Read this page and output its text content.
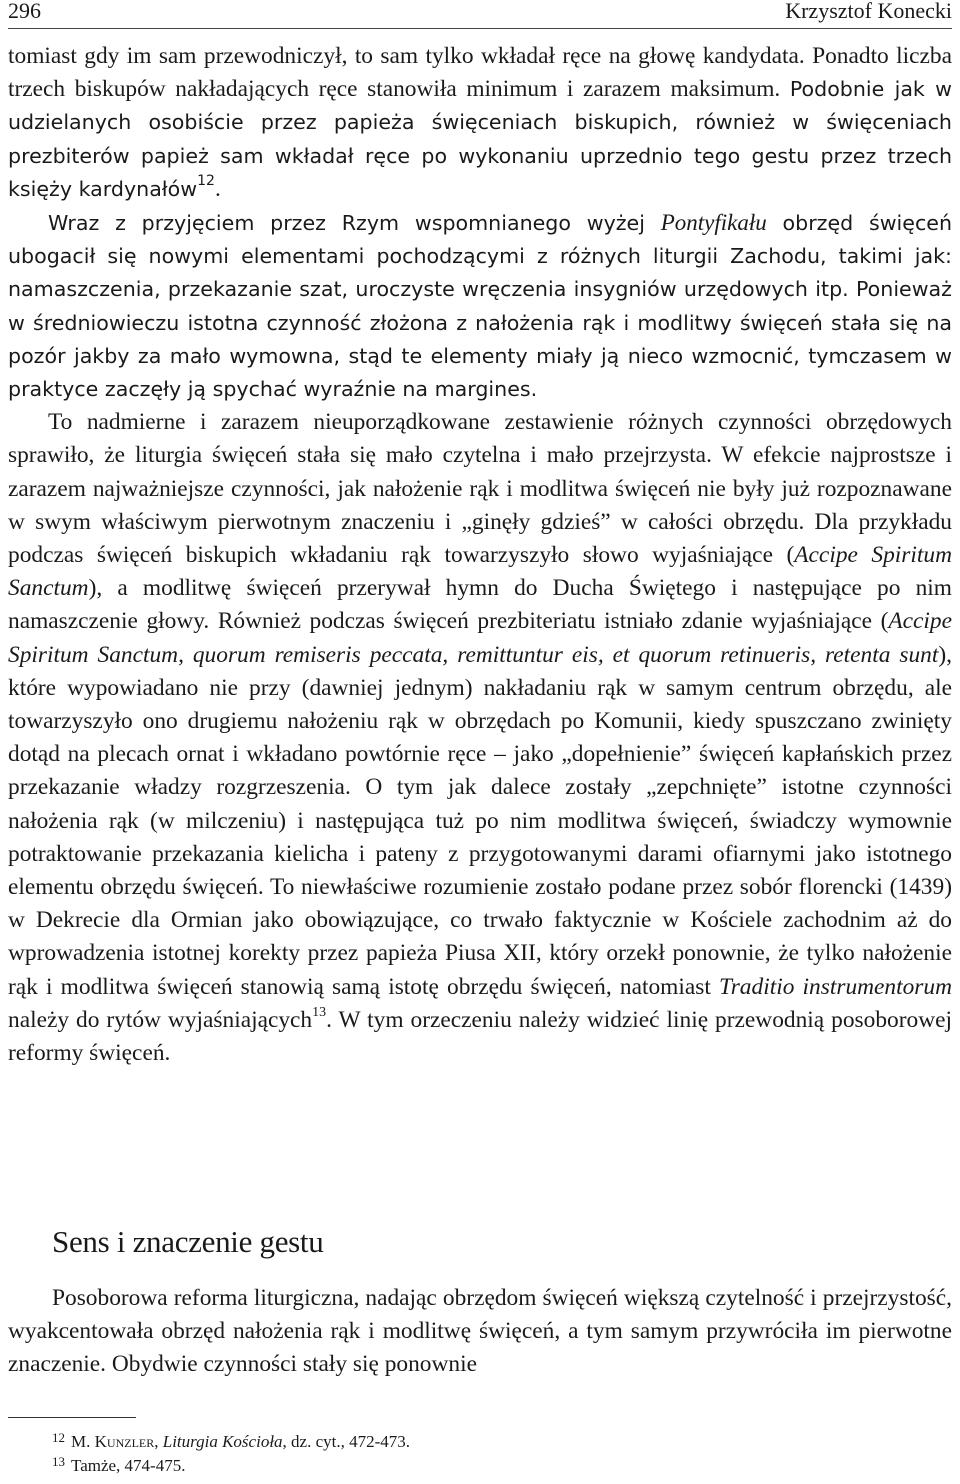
296	Krzysztof Konecki

tomiast gdy im sam przewodniczył, to sam tylko wkładał ręce na głowę kandydata. Ponadto liczba trzech biskupów nakładających ręce stanowiła minimum i zarazem maksimum. Podobnie jak w udzielanych osobiście przez papieża święceniach biskupich, również w święceniach prezbiterów papież sam wkładał ręce po wykonaniu uprzednio tego gestu przez trzech księży kardynałów$^{12}$.

Wraz z przyjęciem przez Rzym wspomnianego wyżej Pontyfikału obrzęd święceń ubogacił się nowymi elementami pochodzącymi z różnych liturgii Zachodu, takimi jak: namaszczenia, przekazanie szat, uroczyste wręczenia insygniów urzędowych itp. Ponieważ w średniowieczu istotna czynność złożona z nałożenia rąk i modlitwy święceń stała się na pozór jakby za mało wymowna, stąd te elementy miały ją nieco wzmocnić, tymczasem w praktyce zaczęły ją spychać wyraźnie na margines.

To nadmierne i zarazem nieuporządkowane zestawienie różnych czynności obrzędowych sprawiło, że liturgia święceń stała się mało czytelna i mało przejrzysta. W efekcie najprostsze i zarazem najważniejsze czynności, jak nałożenie rąk i modlitwa święceń nie były już rozpoznawane w swym właściwym pierwotnym znaczeniu i „ginęły gdzieś” w całości obrzędu. Dla przykładu podczas święceń biskupich wkładaniu rąk towarzyszyło słowo wyjaśniające (Accipe Spiritum Sanctum), a modlitwę święceń przerywał hymn do Ducha Świętego i następujące po nim namaszczenie głowy. Również podczas święceń prezbiteriatu istniało zdanie wyjaśniające (Accipe Spiritum Sanctum, quorum remiseris peccata, remittuntur eis, et quorum retinueris, retenta sunt), które wypowiadano nie przy (dawniej jednym) nakładaniu rąk w samym centrum obrzędu, ale towarzyszyło ono drugiemu nałożeniu rąk w obrzędach po Komunii, kiedy spuszczano zwinięty dotąd na plecach ornat i wkładano powtórnie ręce – jako „dopełnienie” święceń kapłańskich przez przekazanie władzy rozgrzeszenia. O tym jak dalece zostały „zepchnięte” istotne czynności nałożenia rąk (w milczeniu) i następująca tuż po nim modlitwa święceń, świadczy wymownie potraktowanie przekazania kielicha i pateny z przygotowanymi darami ofiarnymi jako istotnego elementu obrzędu święceń. To niewłaściwe rozumienie zostało podane przez sobór florencki (1439) w Dekrecie dla Ormian jako obowiązujące, co trwało faktycznie w Kościele zachodnim aż do wprowadzenia istotnej korekty przez papieża Piusa XII, który orzekł ponownie, że tylko nałożenie rąk i modlitwa święceń stanowią samą istotę obrzędu święceń, natomiast Traditio instrumentorum należy do rytów wyjaśniających$^{13}$. W tym orzeczeniu należy widzieć linię przewodnią posoborowej reformy święceń.

Sens i znaczenie gestu

Posoborowa reforma liturgiczna, nadając obrzędom święceń większą czytelność i przejrzystość, wyakcentowała obrzęd nałożenia rąk i modlitwę święceń, a tym samym przywróciła im pierwotne znaczenie. Obydwie czynności stały się ponownie

$^{12}$ M. Kunzler, Liturgia Kościoła, dz. cyt., 472-473.
$^{13}$ Tamże, 474-475.
